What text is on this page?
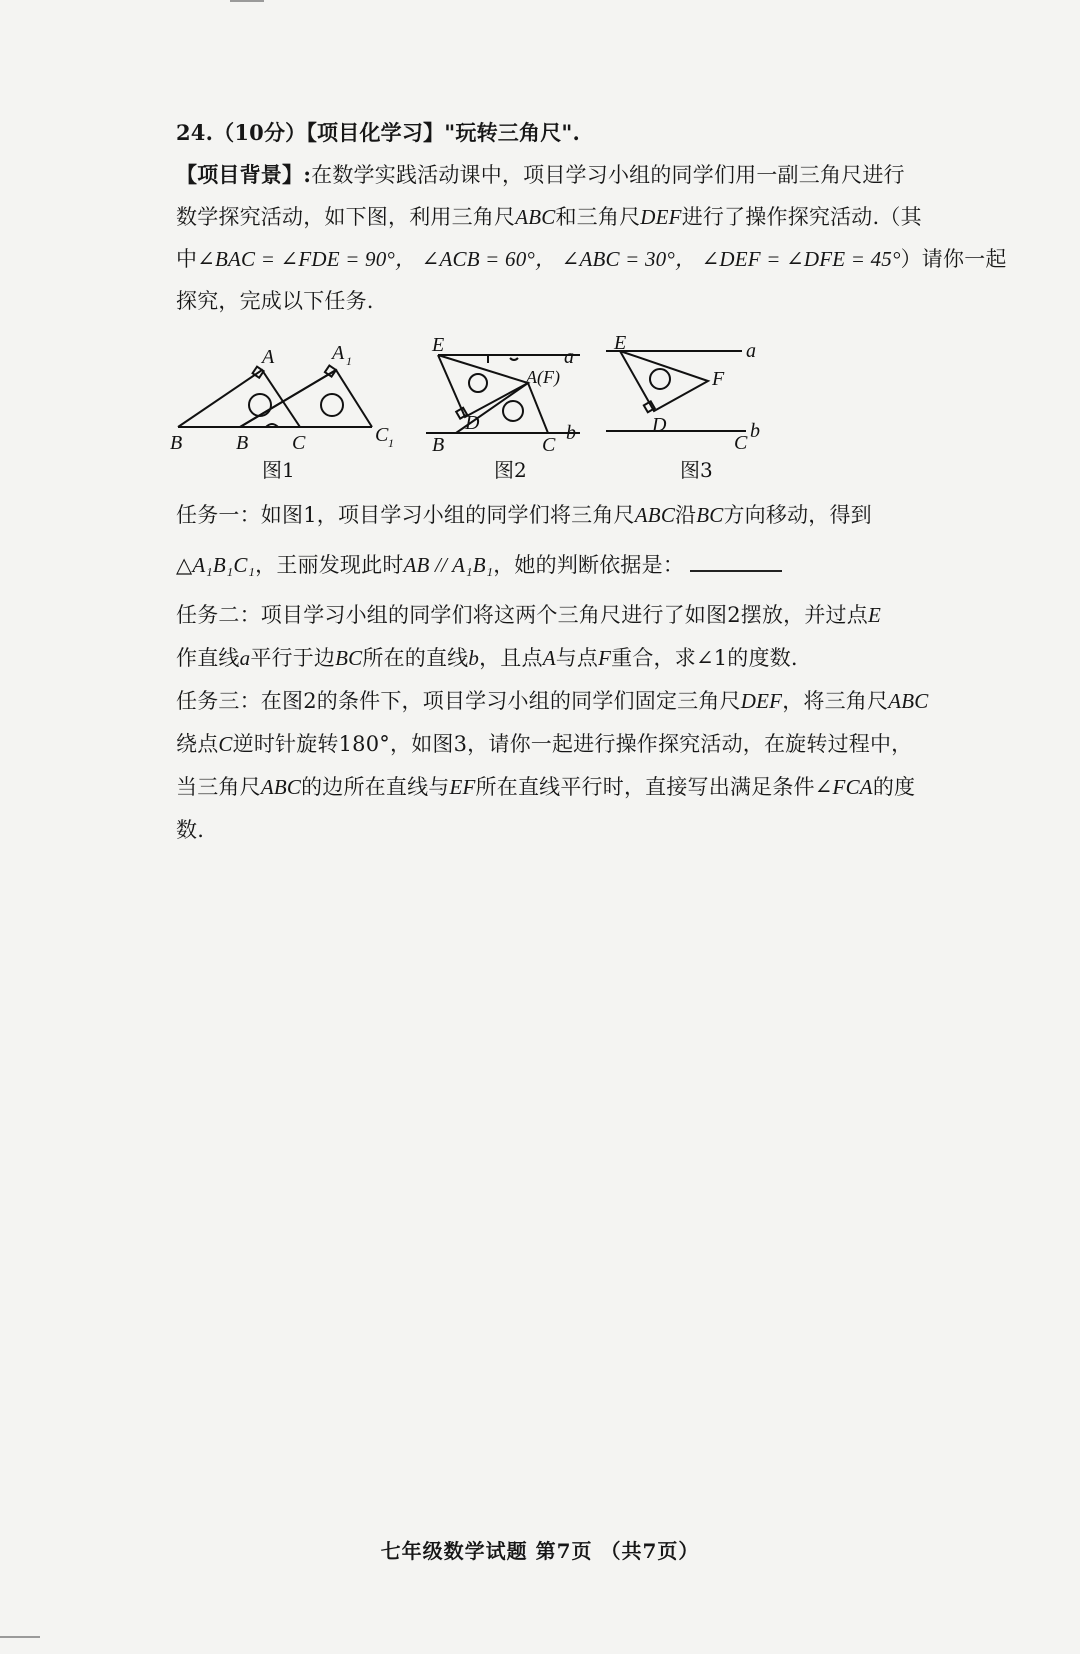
24.（10分）【项目化学习】"玩转三角尺".
【项目背景】:在数学实践活动课中，项目学习小组的同学们用一副三角尺进行
数学探究活动，如下图，利用三角尺ABC和三角尺DEF进行了操作探究活动.（其
中∠BAC = ∠FDE = 90°， ∠ACB = 60°， ∠ABC = 30°， ∠DEF = ∠DFE = 45°）请你一起
探究，完成以下任务.
A	A 1
B	B C	C 1
图1
E
a
A(F)
D
B	C
b
图2
E	a
F
D
C
b
图3
任务一：如图1，项目学习小组的同学们将三角尺ABC沿BC方向移动，得到
△A₁B₁C₁，王丽发现此时AB // A₁B₁，她的判断依据是：
任务二：项目学习小组的同学们将这两个三角尺进行了如图2摆放，并过点E
作直线a平行于边BC所在的直线b，且点A与点F重合，求∠1的度数.
任务三：在图2的条件下，项目学习小组的同学们固定三角尺DEF，将三角尺ABC
绕点C逆时针旋转180°，如图3，请你一起进行操作探究活动，在旋转过程中，
当三角尺ABC的边所在直线与EF所在直线平行时，直接写出满足条件∠FCA的度
数.
七年级数学试题 第7页 （共7页）
